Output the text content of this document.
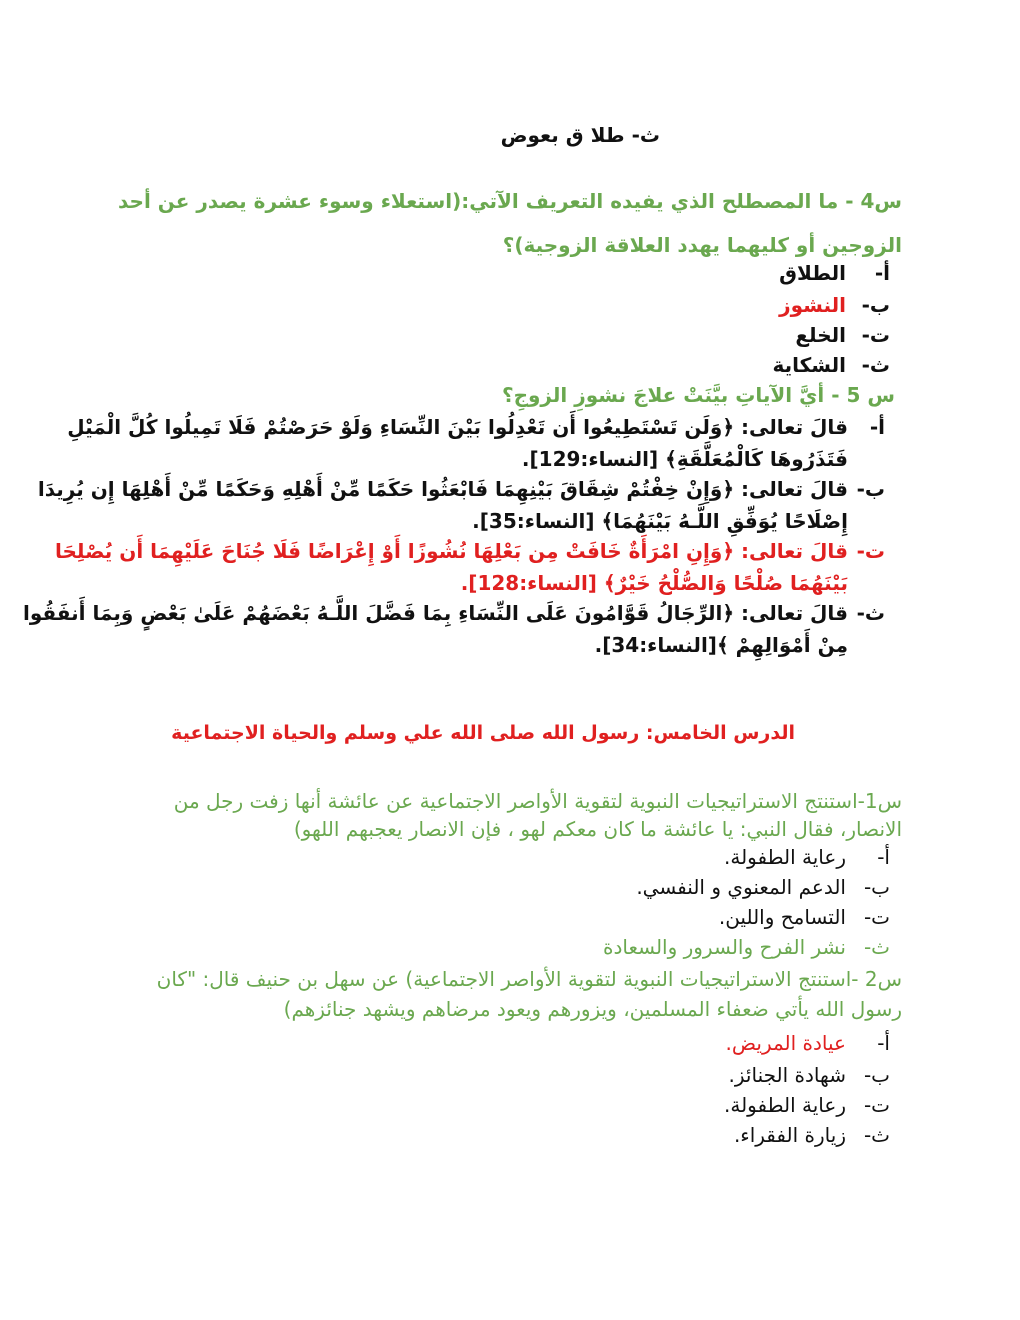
ث- طلا ق بعوض
س4 - ما المصطلح الذي يفيده التعريف الآتي:(استعلاء وسوء عشرة يصدر عن أحد
الزوجين أو كليهما يهدد العلاقة الزوجية)؟
أ-الطلاق
ب-النشوز
ت-الخلع
ث-الشكاية
س 5 - أيَّ الآياتِ بيَّنَتْ علاجَ نشوزِ الزوجِ؟
أ-
قالَ تعالى: ﴿وَلَن تَسْتَطِيعُوا أَن تَعْدِلُوا بَيْنَ النِّسَاءِ وَلَوْ حَرَصْتُمْ فَلَا تَمِيلُوا كُلَّ الْمَيْلِ
فَتَذَرُوهَا كَالْمُعَلَّقَةِ﴾ [النساء:129].
ب-
قالَ تعالى: ﴿وَإِنْ خِفْتُمْ شِقَاقَ بَيْنِهِمَا فَابْعَثُوا حَكَمًا مِّنْ أَهْلِهِ وَحَكَمًا مِّنْ أَهْلِهَا إِن يُرِيدَا
إِصْلَاحًا يُوَفِّقِ اللَّـهُ بَيْنَهُمَا﴾ [النساء:35].
ت-
قالَ تعالى: ﴿وَإِنِ امْرَأَةٌ خَافَتْ مِن بَعْلِهَا نُشُوزًا أَوْ إِعْرَاضًا فَلَا جُنَاحَ عَلَيْهِمَا أَن يُصْلِحَا
بَيْنَهُمَا صُلْحًا وَالصُّلْحُ خَيْرٌ﴾ [النساء:128].
ث-
قالَ تعالى: ﴿الرِّجَالُ قَوَّامُونَ عَلَى النِّسَاءِ بِمَا فَضَّلَ اللَّـهُ بَعْضَهُمْ عَلَىٰ بَعْضٍ وَبِمَا أَنفَقُوا
مِنْ أَمْوَالِهِمْ ﴾[النساء:34].
الدرس الخامس: رسول الله صلى الله علي وسلم والحياة الاجتماعية
س1-استنتج الاستراتيجيات النبوية لتقوية الأواصر الاجتماعية عن عائشة أنها زفت رجل من
الانصار، فقال النبي: يا عائشة ما كان معكم لهو ، فإن الانصار يعجبهم اللهو)
أ-رعاية الطفولة.
ب-الدعم المعنوي و النفسي.
ت-التسامح واللين.
ث-نشر الفرح والسرور والسعادة
س2 -استنتج الاستراتيجيات النبوية لتقوية الأواصر الاجتماعية) عن سهل بن حنيف قال: "كان
رسول الله يأتي ضعفاء المسلمين، ويزورهم ويعود مرضاهم ويشهد جنائزهم)
أ-عيادة المريض.
ب-شهادة الجنائز.
ت-رعاية الطفولة.
ث-زيارة الفقراء.
